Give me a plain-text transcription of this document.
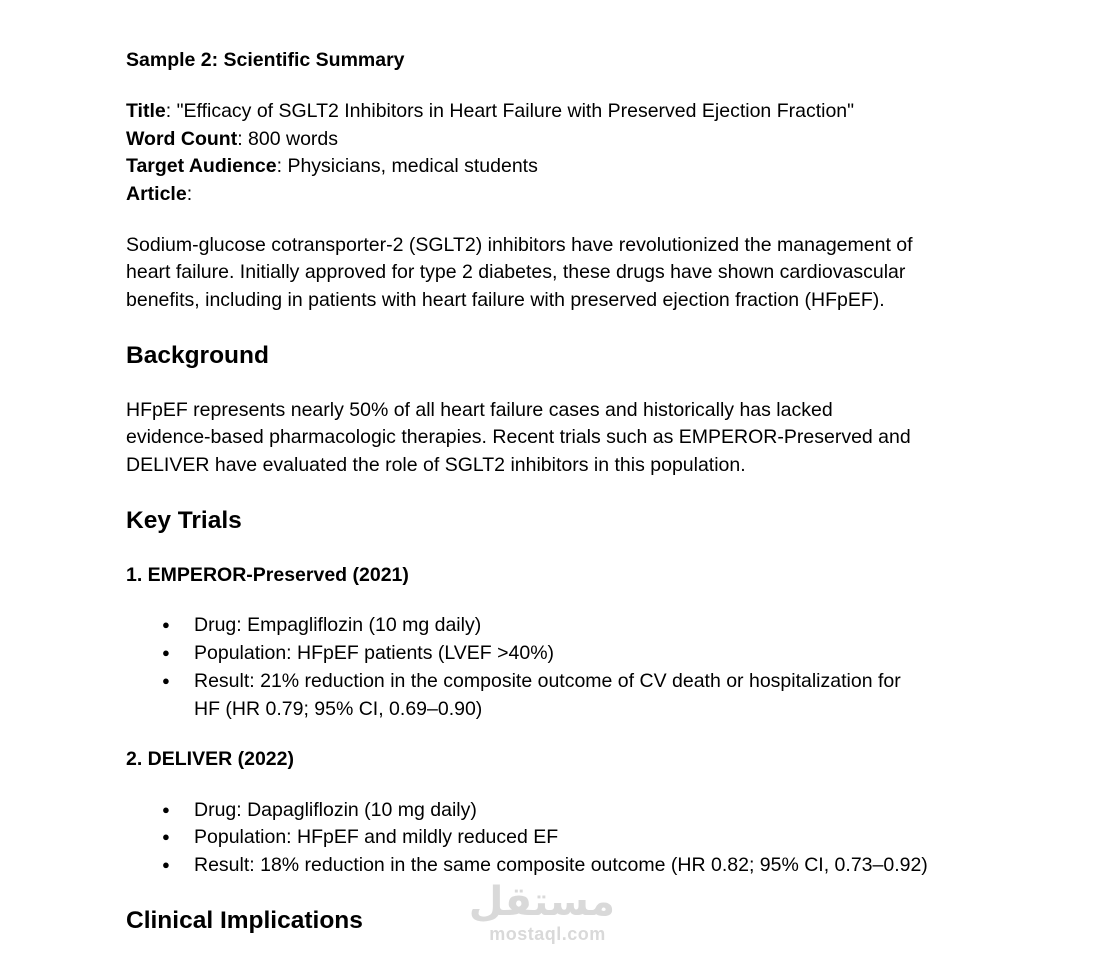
Sample 2: Scientific Summary
Title: "Efficacy of SGLT2 Inhibitors in Heart Failure with Preserved Ejection Fraction"
Word Count: 800 words
Target Audience: Physicians, medical students
Article:
Sodium-glucose cotransporter-2 (SGLT2) inhibitors have revolutionized the management of
heart failure. Initially approved for type 2 diabetes, these drugs have shown cardiovascular
benefits, including in patients with heart failure with preserved ejection fraction (HFpEF).
Background
HFpEF represents nearly 50% of all heart failure cases and historically has lacked
evidence-based pharmacologic therapies. Recent trials such as EMPEROR-Preserved and
DELIVER have evaluated the role of SGLT2 inhibitors in this population.
Key Trials
1. EMPEROR-Preserved (2021)
● Drug: Empagliflozin (10 mg daily)
● Population: HFpEF patients (LVEF >40%)
● Result: 21% reduction in the composite outcome of CV death or hospitalization for
HF (HR 0.79; 95% CI, 0.69–0.90)
2. DELIVER (2022)
● Drug: Dapagliflozin (10 mg daily)
● Population: HFpEF and mildly reduced EF
● Result: 18% reduction in the same composite outcome (HR 0.82; 95% CI, 0.73–0.92)
Clinical Implications	مستقل
mostaql.com
